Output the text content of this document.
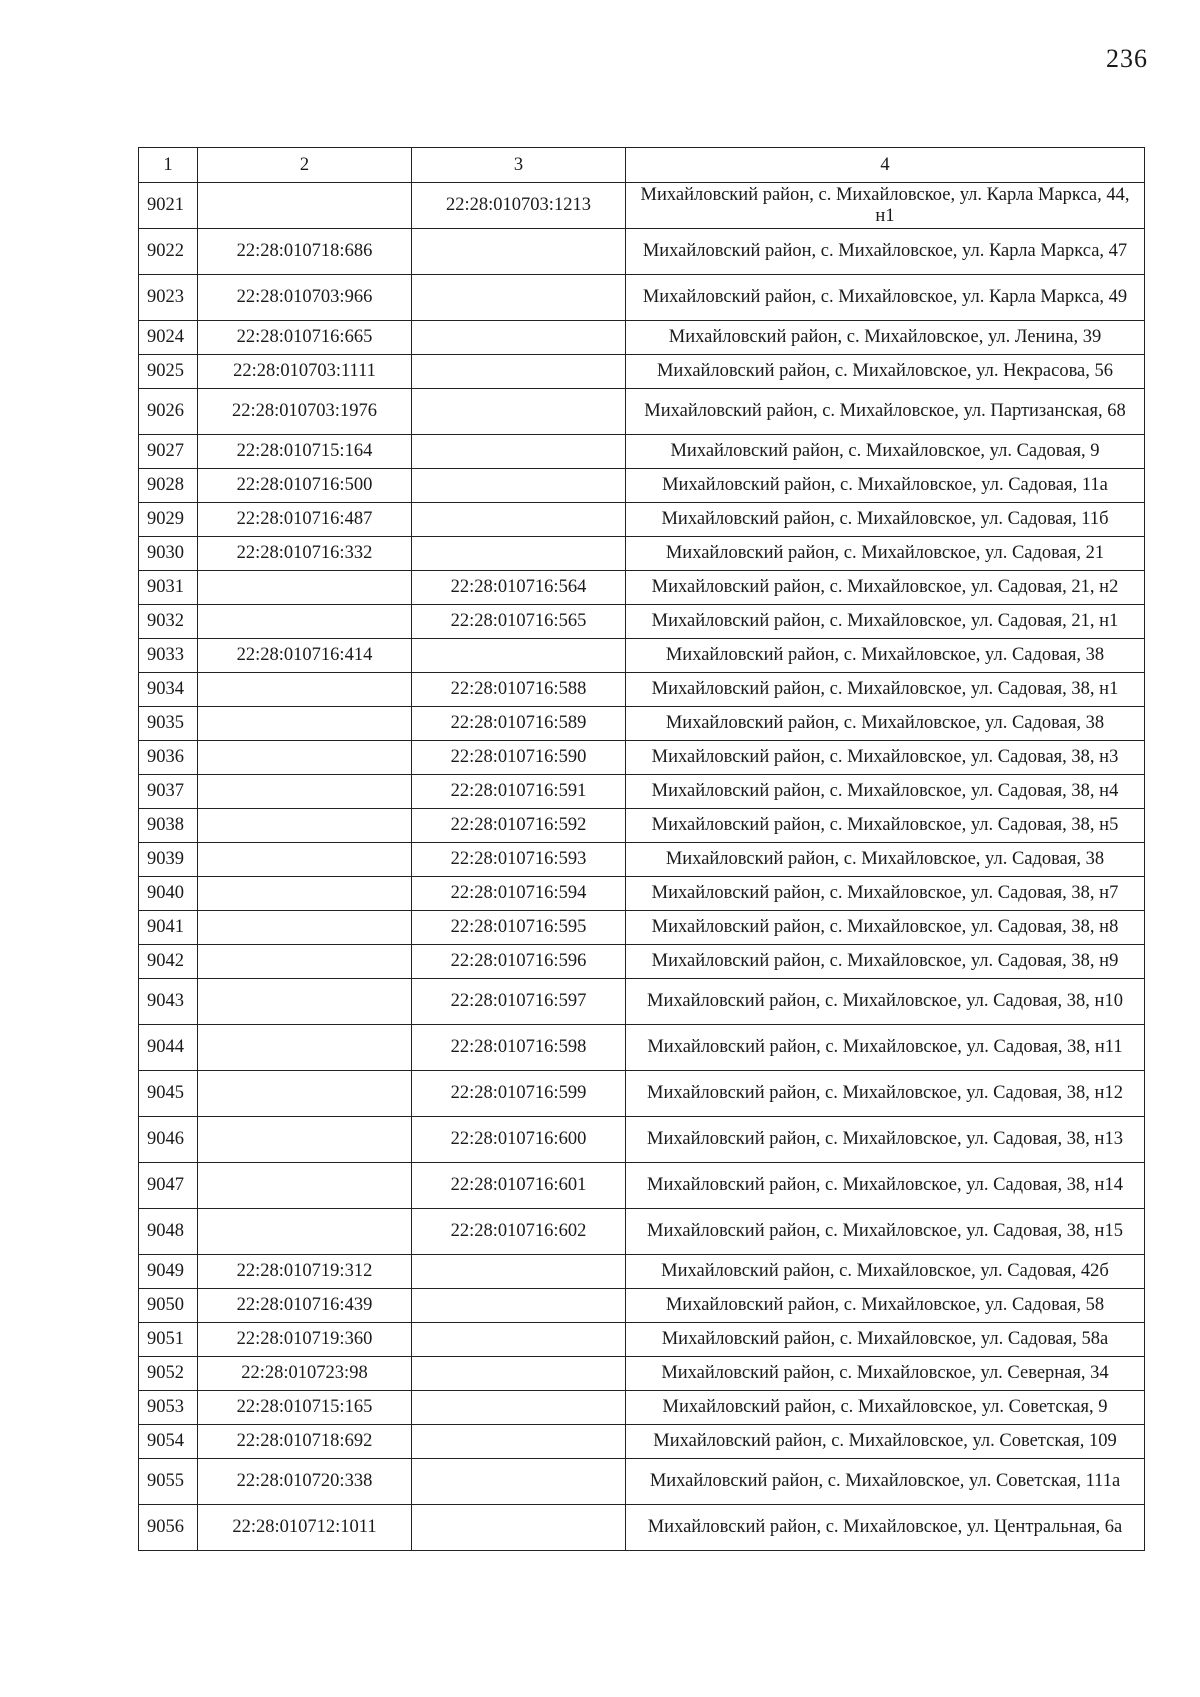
236
1	2	3	4
9021		22:28:010703:1213	Михайловский район, с. Михайловское, ул. Карла Маркса, 44, н1
9022	22:28:010718:686		Михайловский район, с. Михайловское, ул. Карла Маркса, 47
9023	22:28:010703:966		Михайловский район, с. Михайловское, ул. Карла Маркса, 49
9024	22:28:010716:665		Михайловский район, с. Михайловское, ул. Ленина, 39
9025	22:28:010703:1111		Михайловский район, с. Михайловское, ул. Некрасова, 56
9026	22:28:010703:1976		Михайловский район, с. Михайловское, ул. Партизанская, 68
9027	22:28:010715:164		Михайловский район, с. Михайловское, ул. Садовая, 9
9028	22:28:010716:500		Михайловский район, с. Михайловское, ул. Садовая, 11а
9029	22:28:010716:487		Михайловский район, с. Михайловское, ул. Садовая, 11б
9030	22:28:010716:332		Михайловский район, с. Михайловское, ул. Садовая, 21
9031		22:28:010716:564	Михайловский район, с. Михайловское, ул. Садовая, 21, н2
9032		22:28:010716:565	Михайловский район, с. Михайловское, ул. Садовая, 21, н1
9033	22:28:010716:414		Михайловский район, с. Михайловское, ул. Садовая, 38
9034		22:28:010716:588	Михайловский район, с. Михайловское, ул. Садовая, 38, н1
9035		22:28:010716:589	Михайловский район, с. Михайловское, ул. Садовая, 38
9036		22:28:010716:590	Михайловский район, с. Михайловское, ул. Садовая, 38, н3
9037		22:28:010716:591	Михайловский район, с. Михайловское, ул. Садовая, 38, н4
9038		22:28:010716:592	Михайловский район, с. Михайловское, ул. Садовая, 38, н5
9039		22:28:010716:593	Михайловский район, с. Михайловское, ул. Садовая, 38
9040		22:28:010716:594	Михайловский район, с. Михайловское, ул. Садовая, 38, н7
9041		22:28:010716:595	Михайловский район, с. Михайловское, ул. Садовая, 38, н8
9042		22:28:010716:596	Михайловский район, с. Михайловское, ул. Садовая, 38, н9
9043		22:28:010716:597	Михайловский район, с. Михайловское, ул. Садовая, 38, н10
9044		22:28:010716:598	Михайловский район, с. Михайловское, ул. Садовая, 38, н11
9045		22:28:010716:599	Михайловский район, с. Михайловское, ул. Садовая, 38, н12
9046		22:28:010716:600	Михайловский район, с. Михайловское, ул. Садовая, 38, н13
9047		22:28:010716:601	Михайловский район, с. Михайловское, ул. Садовая, 38, н14
9048		22:28:010716:602	Михайловский район, с. Михайловское, ул. Садовая, 38, н15
9049	22:28:010719:312		Михайловский район, с. Михайловское, ул. Садовая, 42б
9050	22:28:010716:439		Михайловский район, с. Михайловское, ул. Садовая, 58
9051	22:28:010719:360		Михайловский район, с. Михайловское, ул. Садовая, 58а
9052	22:28:010723:98		Михайловский район, с. Михайловское, ул. Северная, 34
9053	22:28:010715:165		Михайловский район, с. Михайловское, ул. Советская, 9
9054	22:28:010718:692		Михайловский район, с. Михайловское, ул. Советская, 109
9055	22:28:010720:338		Михайловский район, с. Михайловское, ул. Советская, 111а
9056	22:28:010712:1011		Михайловский район, с. Михайловское, ул. Центральная, 6а
